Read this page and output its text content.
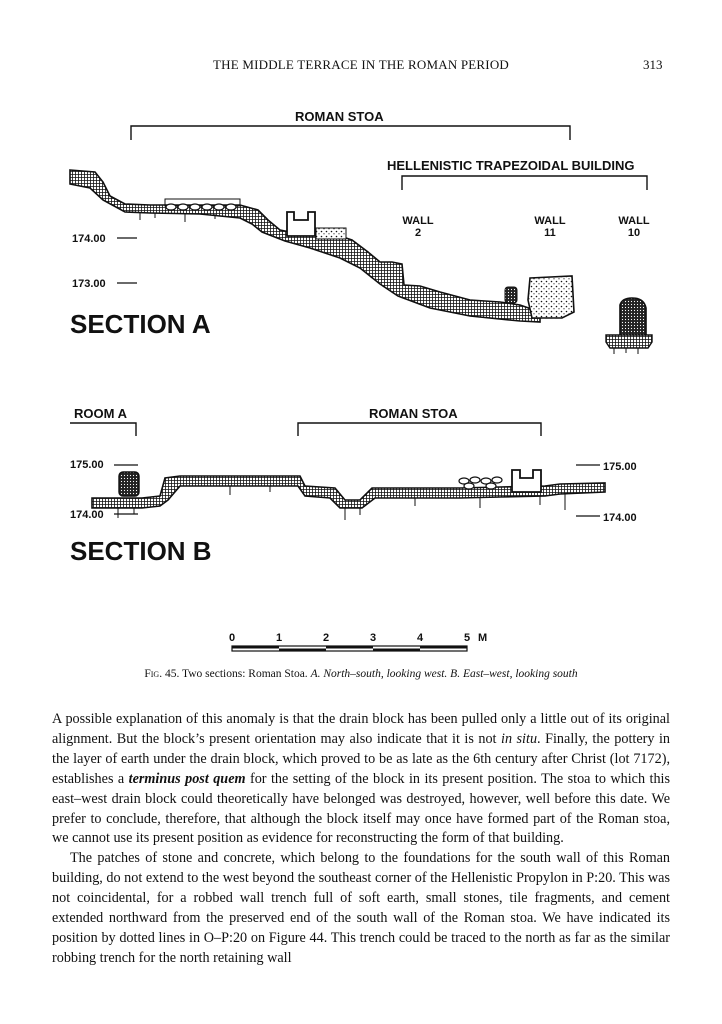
THE MIDDLE TERRACE IN THE ROMAN PERIOD	313
ROMAN STOA
HELLENISTIC TRAPEZOIDAL BUILDING
WALL
2
WALL
11
WALL
10
174.00
173.00
SECTION A
ROOM A	ROMAN STOA
175.00
174.00
175.00
174.00
SECTION B
0	1	2	3	4	5 M
Fig. 45. Two sections: Roman Stoa. A. North–south, looking west. B. East–west, looking south

A possible explanation of this anomaly is that the drain block has been pulled only a little out of its original alignment. But the block’s present orientation may also indicate that it is not in situ. Finally, the pottery in the layer of earth under the drain block, which proved to be as late as the 6th century after Christ (lot 7172), establishes a terminus post quem for the setting of the block in its present position. The stoa to which this east–west drain block could theoretically have belonged was destroyed, however, well before this date. We prefer to conclude, therefore, that although the block itself may once have formed part of the Roman stoa, we cannot use its present position as evidence for reconstructing the form of that building.

The patches of stone and concrete, which belong to the foundations for the south wall of this Roman building, do not extend to the west beyond the southeast corner of the Hellenistic Propylon in P:20. This was not coincidental, for a robbed wall trench full of soft earth, small stones, tile fragments, and cement extended northward from the preserved end of the south wall of the Roman stoa. We have indicated its position by dotted lines in O–P:20 on Figure 44. This trench could be traced to the north as far as the similar robbing trench for the north retaining wall
